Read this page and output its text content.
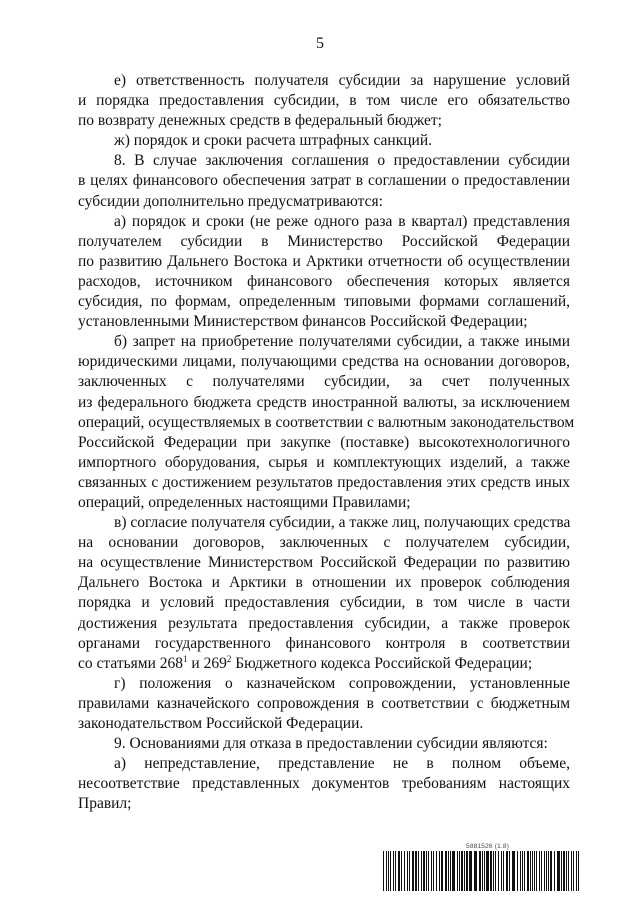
5
е) ответственность получателя субсидии за нарушение условий
и порядка предоставления субсидии, в том числе его обязательство
по возврату денежных средств в федеральный бюджет;
ж) порядок и сроки расчета штрафных санкций.
8. В случае заключения соглашения о предоставлении субсидии
в целях финансового обеспечения затрат в соглашении о предоставлении
субсидии дополнительно предусматриваются:
а) порядок и сроки (не реже одного раза в квартал) представления
получателем субсидии в Министерство Российской Федерации
по развитию Дальнего Востока и Арктики отчетности об осуществлении
расходов, источником финансового обеспечения которых является
субсидия, по формам, определенным типовыми формами соглашений,
установленными Министерством финансов Российской Федерации;
б) запрет на приобретение получателями субсидии, а также иными
юридическими лицами, получающими средства на основании договоров,
заключенных с получателями субсидии, за счет полученных
из федерального бюджета средств иностранной валюты, за исключением
операций, осуществляемых в соответствии с валютным законодательством
Российской Федерации при закупке (поставке) высокотехнологичного
импортного оборудования, сырья и комплектующих изделий, а также
связанных с достижением результатов предоставления этих средств иных
операций, определенных настоящими Правилами;
в) согласие получателя субсидии, а также лиц, получающих средства
на основании договоров, заключенных с получателем субсидии,
на осуществление Министерством Российской Федерации по развитию
Дальнего Востока и Арктики в отношении их проверок соблюдения
порядка и условий предоставления субсидии, в том числе в части
достижения результата предоставления субсидии, а также проверок
органами государственного финансового контроля в соответствии
со статьями $268^1$ и $269^2$ Бюджетного кодекса Российской Федерации;
г) положения о казначейском сопровождении, установленные
правилами казначейского сопровождения в соответствии с бюджетным
законодательством Российской Федерации.
9. Основаниями для отказа в предоставлении субсидии являются:
а) непредставление, представление не в полном объеме,
несоответствие представленных документов требованиям настоящих
Правил;
5881526 (1.8)
